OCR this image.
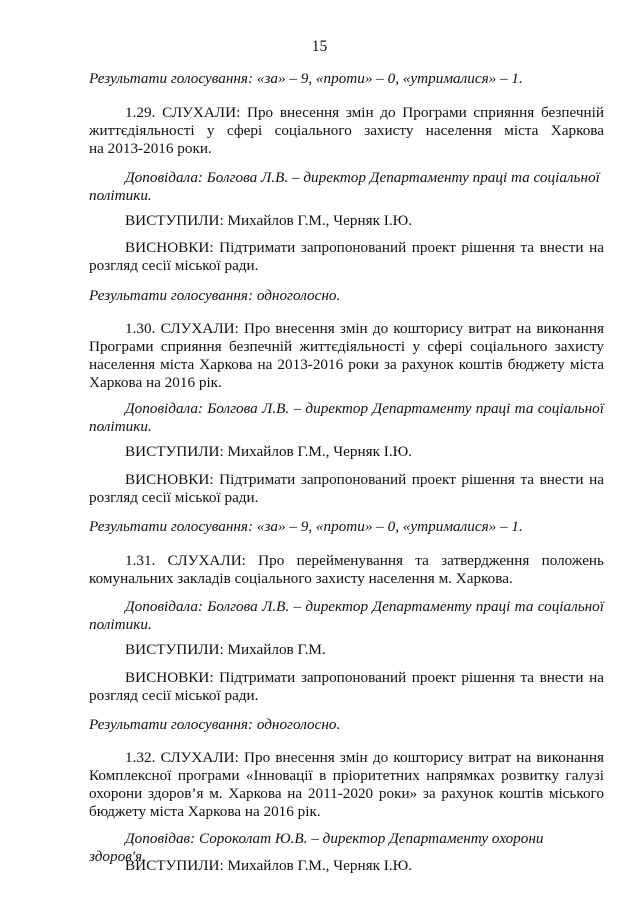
15

Результати голосування: «за» – 9, «проти» – 0, «утрималися» – 1.

1.29. СЛУХАЛИ: Про внесення змін до Програми сприяння безпечній

життєдіяльності у сфері соціального захисту населення міста Харкова

на 2013-2016 роки.

Доповідала: Болгова Л.В. – директор Департаменту праці та соціальної

політики.

ВИСТУПИЛИ: Михайлов Г.М., Черняк І.Ю.

ВИСНОВКИ: Підтримати запропонований проект рішення та внести на

розгляд сесії міської ради.

Результати голосування: одноголосно.

1.30. СЛУХАЛИ: Про внесення змін до кошторису витрат на виконання

Програми сприяння безпечній життєдіяльності у сфері соціального захисту

населення міста Харкова на 2013-2016 роки за рахунок коштів бюджету міста

Харкова на 2016 рік.

Доповідала: Болгова Л.В. – директор Департаменту праці та соціальної

політики.

ВИСТУПИЛИ: Михайлов Г.М., Черняк І.Ю.

ВИСНОВКИ: Підтримати запропонований проект рішення та внести на

розгляд сесії міської ради.

Результати голосування: «за» – 9, «проти» – 0, «утрималися» – 1.

1.31. СЛУХАЛИ: Про перейменування та затвердження положень

комунальних закладів соціального захисту населення м. Харкова.

Доповідала: Болгова Л.В. – директор Департаменту праці та соціальної

політики.

ВИСТУПИЛИ: Михайлов Г.М.

ВИСНОВКИ: Підтримати запропонований проект рішення та внести на

розгляд сесії міської ради.

Результати голосування: одноголосно.

1.32. СЛУХАЛИ: Про внесення змін до кошторису витрат на виконання

Комплексної програми «Інновації в пріоритетних напрямках розвитку галузі

охорони здоров’я м. Харкова на 2011-2020 роки» за рахунок коштів міського

бюджету міста Харкова на 2016 рік.

Доповідав: Сороколат Ю.В. – директор Департаменту охорони здоров'я.

ВИСТУПИЛИ: Михайлов Г.М., Черняк І.Ю.
